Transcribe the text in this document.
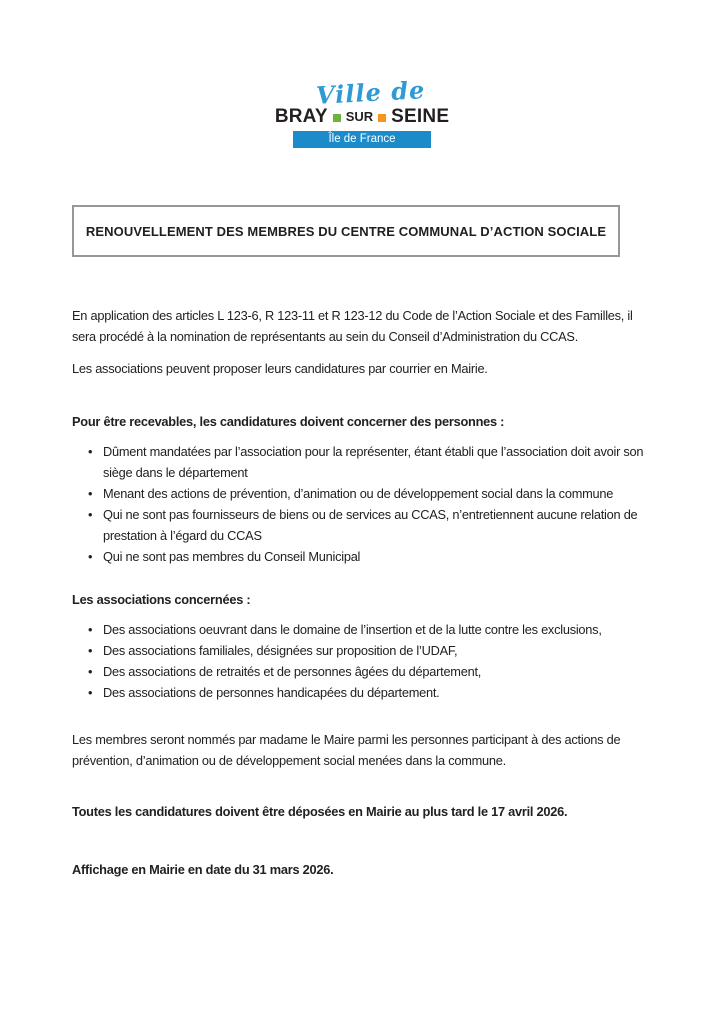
Ville de
BRAY SUR SEINE
Île de France
RENOUVELLEMENT DES MEMBRES DU CENTRE COMMUNAL D’ACTION SOCIALE

En application des articles L 123-6, R 123-11 et R 123-12 du Code de l’Action Sociale et des Familles, il sera procédé à la nomination de représentants au sein du Conseil d’Administration du CCAS.

Les associations peuvent proposer leurs candidatures par courrier en Mairie.

Pour être recevables, les candidatures doivent concerner des personnes :

• Dûment mandatées par l’association pour la représenter, étant établi que l’association doit avoir son siège dans le département
• Menant des actions de prévention, d’animation ou de développement social dans la commune
• Qui ne sont pas fournisseurs de biens ou de services au CCAS, n’entretiennent aucune relation de prestation à l’égard du CCAS
• Qui ne sont pas membres du Conseil Municipal

Les associations concernées :

• Des associations oeuvrant dans le domaine de l’insertion et de la lutte contre les exclusions,
• Des associations familiales, désignées sur proposition de l’UDAF,
• Des associations de retraités et de personnes âgées du département,
• Des associations de personnes handicapées du département.

Les membres seront nommés par madame le Maire parmi les personnes participant à des actions de prévention, d’animation ou de développement social menées dans la commune.

Toutes les candidatures doivent être déposées en Mairie au plus tard le 17 avril 2026.

Affichage en Mairie en date du 31 mars 2026.
